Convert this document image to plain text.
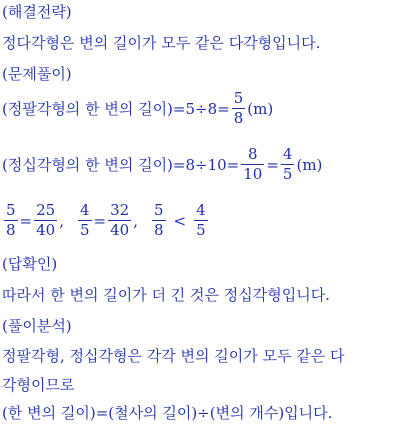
(해결전략)
정다각형은 변의 길이가 모두 같은 다각형입니다.
(문제풀이)
(정팔각형의 한 변의 길이)$=5\div 8= \frac{5}{8} (m)$
(정십각형의 한 변의 길이)$=8\div 10= \frac{8}{10} = \frac{4}{5} (m)$
$\frac{5}{8} = \frac{25}{40}$ , $\frac{4}{5} = \frac{32}{40}$ , $\frac{5}{8} < \frac{4}{5}$
(답확인)
따라서 한 변의 길이가 더 긴 것은 정십각형입니다.
(풀이분석)
정팔각형, 정십각형은 각각 변의 길이가 모두 같은 다
각형이므로
(한 변의 길이)=(철사의 길이)÷(변의 개수)입니다.
